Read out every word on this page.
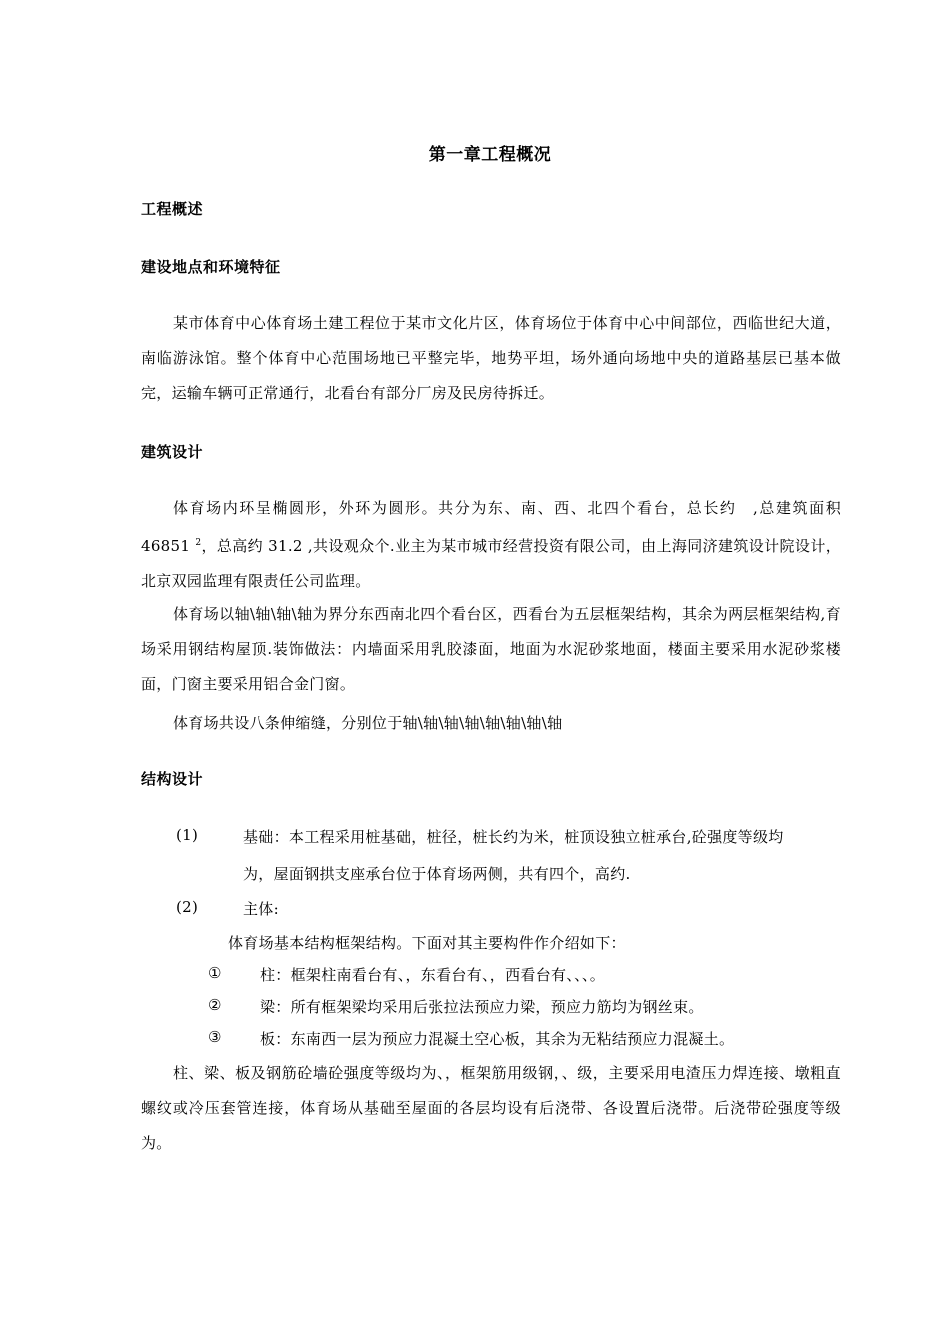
第一章工程概况
工程概述
建设地点和环境特征
某市体育中心体育场土建工程位于某市文化片区，体育场位于体育中心中间部位，西临世纪大道，南临游泳馆。整个体育中心范围场地已平整完毕，地势平坦，场外通向场地中央的道路基层已基本做完，运输车辆可正常通行，北看台有部分厂房及民房待拆迁。
建筑设计
体育场内环呈椭圆形，外环为圆形。共分为东、南、西、北四个看台，总长约　,总建筑面积 46851 $^2$，总高约 31.2 ,共设观众个.业主为某市城市经营投资有限公司，由上海同济建筑设计院设计，北京双园监理有限责任公司监理。
体育场以轴\轴\轴\轴为界分东西南北四个看台区，西看台为五层框架结构，其余为两层框架结构,育场采用钢结构屋顶.装饰做法：内墙面采用乳胶漆面，地面为水泥砂浆地面，楼面主要采用水泥砂浆楼面，门窗主要采用铝合金门窗。
体育场共设八条伸缩缝，分别位于轴\轴\轴\轴\轴\轴\轴\轴
结构设计
(1)	基础：本工程采用桩基础，桩径，桩长约为米，桩顶设独立桩承台,砼强度等级均
为，屋面钢拱支座承台位于体育场两侧，共有四个，高约.
(2)	主体:
体育场基本结构框架结构。下面对其主要构件作介绍如下：
①	柱：框架柱南看台有、，东看台有、，西看台有、、、。
②	梁：所有框架梁均采用后张拉法预应力梁，预应力筋均为钢丝束。
③	板：东南西一层为预应力混凝土空心板，其余为无粘结预应力混凝土。
柱、梁、板及钢筋砼墙砼强度等级均为、，框架筋用级钢，、级，主要采用电渣压力焊连接、墩粗直螺纹或冷压套管连接，体育场从基础至屋面的各层均设有后浇带、各设置后浇带。后浇带砼强度等级为。
